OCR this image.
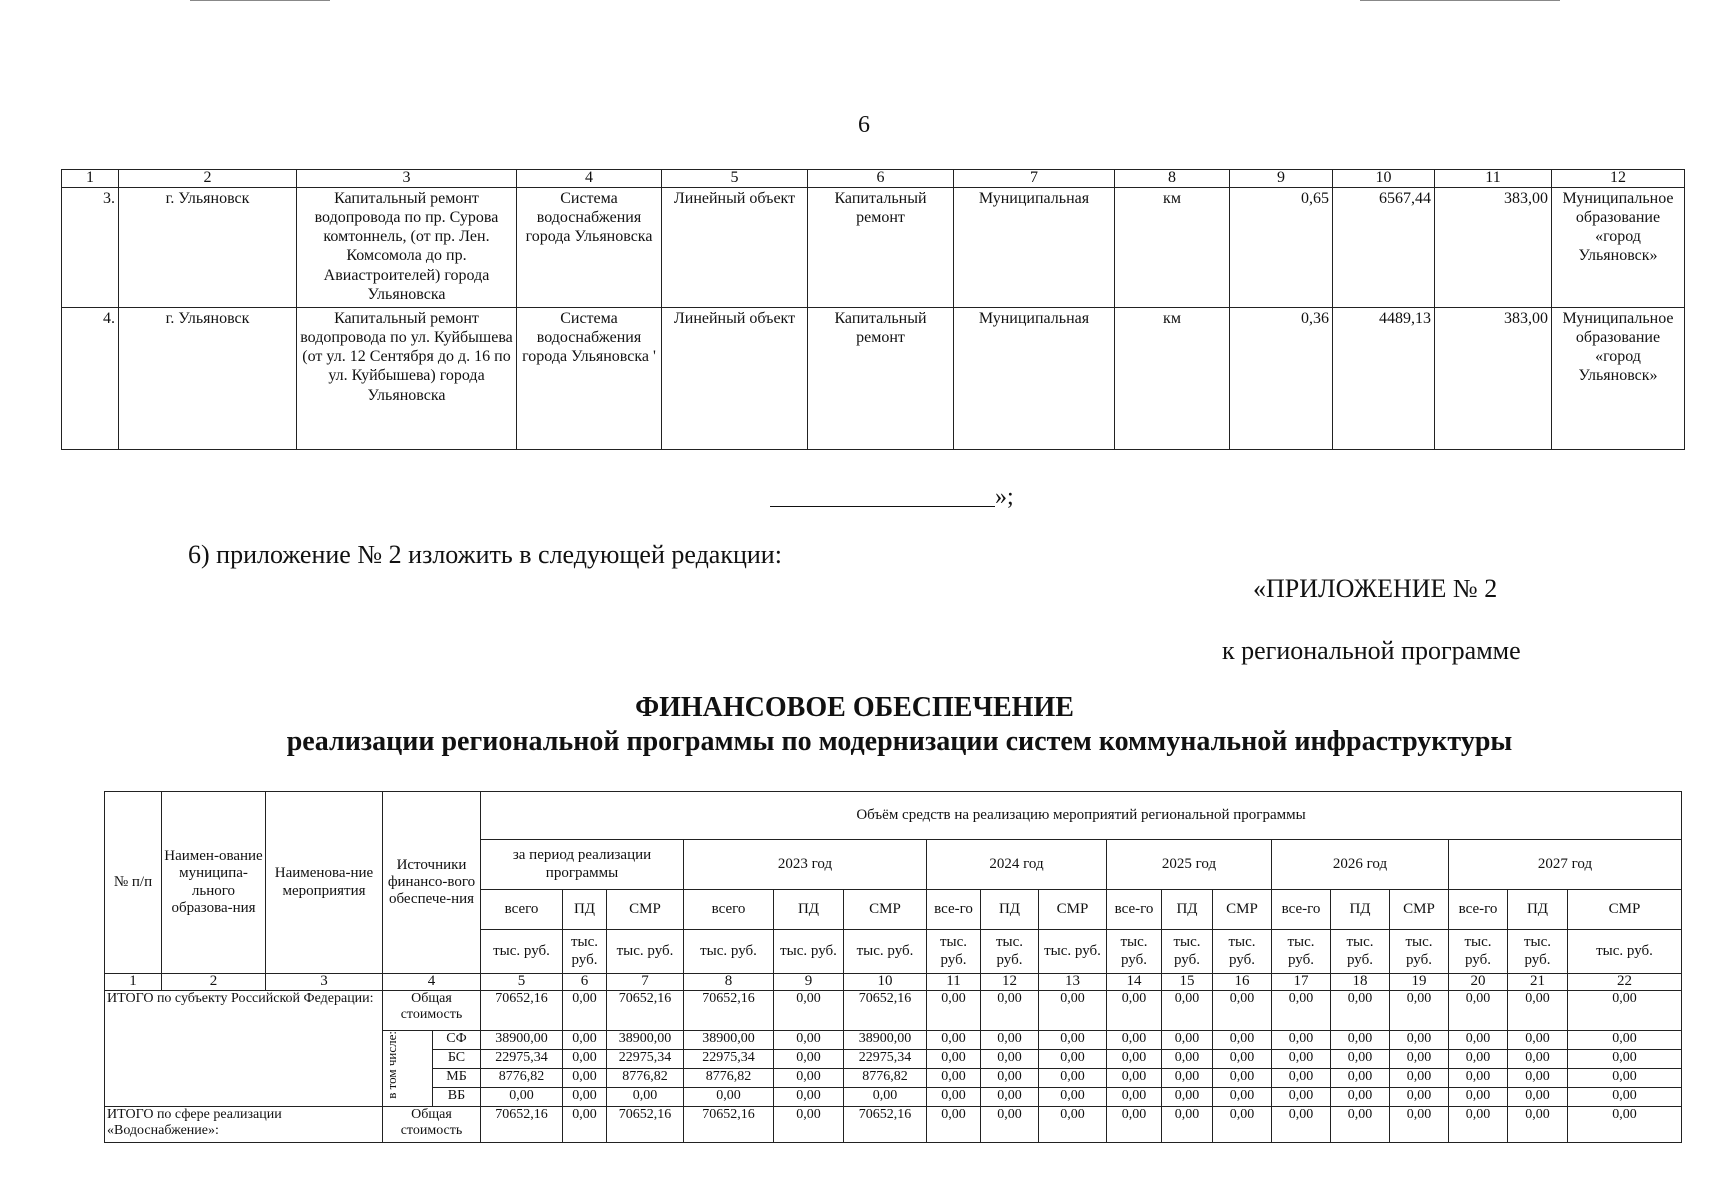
6
1	2	3	4	5	6	7	8	9	10	11	12
3.	г. Ульяновск	Капитальный ремонт водопровода по пр. Сурова комтоннель, (от пр. Лен. Комсомола до пр. Авиастроителей) города Ульяновска	Система водоснабжения города Ульяновска	Линейный объект	Капитальный ремонт	Муниципальная	км	0,65	6567,44	383,00	Муниципальное образование «город Ульяновск»
4.	г. Ульяновск	Капитальный ремонт водопровода по ул. Куйбышева (от ул. 12 Сентября до д. 16 по ул. Куйбышева) города Ульяновска	Система водоснабжения города Ульяновска '	Линейный объект	Капитальный ремонт	Муниципальная	км	0,36	4489,13	383,00	Муниципальное образование «город Ульяновск»
»;
6) приложение № 2 изложить в следующей редакции:
«ПРИЛОЖЕНИЕ № 2
к региональной программе
ФИНАНСОВОЕ ОБЕСПЕЧЕНИЕ
реализации региональной программы по модернизации систем коммунальной инфраструктуры
№ п/п	Наимен-ование муниципа-льного образова-ния	Наименова-ние мероприятия	Источники финансо-вого обеспече-ния		Объём средств на реализацию мероприятий региональной программы																	
					за период реализации программы			2023 год			2024 год			2025 год			2026 год			2027 год		
					всего	ПД	СМР	всего	ПД	СМР	все-го	ПД	СМР	все-го	ПД	СМР	все-го	ПД	СМР	все-го	ПД	СМР
					тыс. руб.	тыс. руб.	тыс. руб.	тыс. руб.	тыс. руб.	тыс. руб.	тыс. руб.	тыс. руб.	тыс. руб.	тыс. руб.	тыс. руб.	тыс. руб.	тыс. руб.	тыс. руб.	тыс. руб.	тыс. руб.	тыс. руб.	тыс. руб.
1	2	3	4		5	6	7	8	9	10	11	12	13	14	15	16	17	18	19	20	21	22
ИТОГО по субъекту Российской Федерации:			Общая стоимость		70652,16	0,00	70652,16	70652,16	0,00	70652,16	0,00	0,00	0,00	0,00	0,00	0,00	0,00	0,00	0,00	0,00	0,00	0,00

			в том числе:	СФ	38900,00	0,00	38900,00	38900,00	0,00	38900,00	0,00	0,00	0,00	0,00	0,00	0,00	0,00	0,00	0,00	0,00	0,00	0,00
				БС	22975,34	0,00	22975,34	22975,34	0,00	22975,34	0,00	0,00	0,00	0,00	0,00	0,00	0,00	0,00	0,00	0,00	0,00	0,00
				МБ	8776,82	0,00	8776,82	8776,82	0,00	8776,82	0,00	0,00	0,00	0,00	0,00	0,00	0,00	0,00	0,00	0,00	0,00	0,00
				ВБ	0,00	0,00	0,00	0,00	0,00	0,00	0,00	0,00	0,00	0,00	0,00	0,00	0,00	0,00	0,00	0,00	0,00	0,00
ИТОГО по сфере реализации «Водоснабжение»:			Общая стоимость		70652,16	0,00	70652,16	70652,16	0,00	70652,16	0,00	0,00	0,00	0,00	0,00	0,00	0,00	0,00	0,00	0,00	0,00	0,00
